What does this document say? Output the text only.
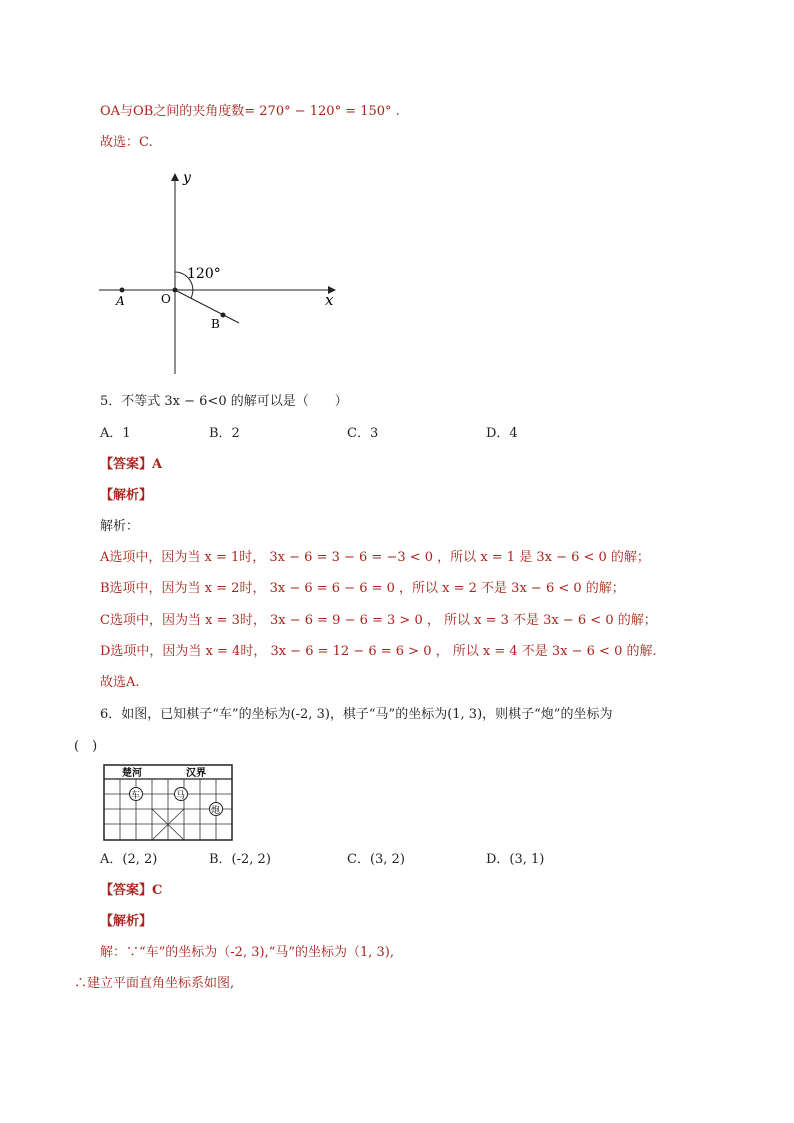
OA与OB之间的夹角度数= 270° − 120° = 150° .
故选：C.
y
x
120°
A	O
B
5．不等式 3x − 6<0 的解可以是（　　）
A．1	B．2	C．3	D．4
【答案】A
【解析】
解析：
A选项中，因为当 x = 1时， 3x − 6 = 3 − 6 = −3 < 0 ，所以 x = 1 是 3x − 6 < 0 的解；
B选项中，因为当 x = 2时， 3x − 6 = 6 − 6 = 0 ，所以 x = 2 不是 3x − 6 < 0 的解；
C选项中，因为当 x = 3时， 3x − 6 = 9 − 6 = 3 > 0 ， 所以 x = 3 不是 3x − 6 < 0 的解；
D选项中，因为当 x = 4时， 3x − 6 = 12 − 6 = 6 > 0 ， 所以 x = 4 不是 3x − 6 < 0 的解.
故选A.
6．如图，已知棋子“车”的坐标为(-2, 3)，棋子“马”的坐标为(1, 3)，则棋子“炮”的坐标为
(　)
楚河	汉界
车	马
炮
A．(2, 2)	B．(-2, 2)	C．(3, 2)	D．(3, 1)
【答案】C
【解析】
解：∵“车”的坐标为（-2, 3),“马”的坐标为（1, 3),
∴建立平面直角坐标系如图,
